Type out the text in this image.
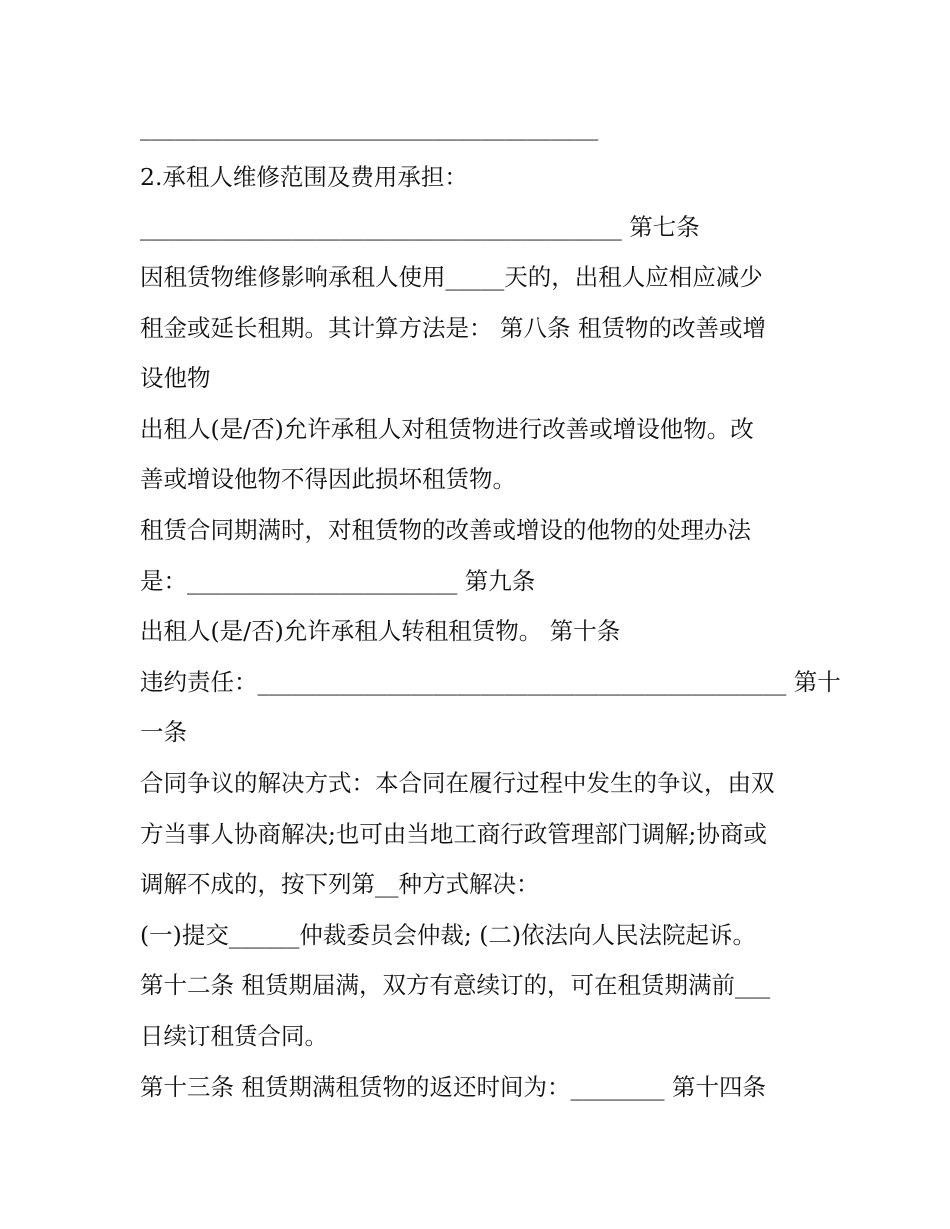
_______________________________________

2.承租人维修范围及费用承担：

_________________________________________ 第七条

因租赁物维修影响承租人使用_____天的，出租人应相应减少

租金或延长租期。其计算方法是： 第八条 租赁物的改善或增

设他物

出租人(是/否)允许承租人对租赁物进行改善或增设他物。改

善或增设他物不得因此损坏租赁物。

租赁合同期满时，对租赁物的改善或增设的他物的处理办法

是：_______________________ 第九条

出租人(是/否)允许承租人转租租赁物。 第十条

违约责任：_____________________________________________ 第十

一条

合同争议的解决方式：本合同在履行过程中发生的争议，由双

方当事人协商解决;也可由当地工商行政管理部门调解;协商或

调解不成的，按下列第__种方式解决：

(一)提交______仲裁委员会仲裁; (二)依法向人民法院起诉。

第十二条 租赁期届满，双方有意续订的，可在租赁期满前___

日续订租赁合同。

第十三条 租赁期满租赁物的返还时间为：________ 第十四条
